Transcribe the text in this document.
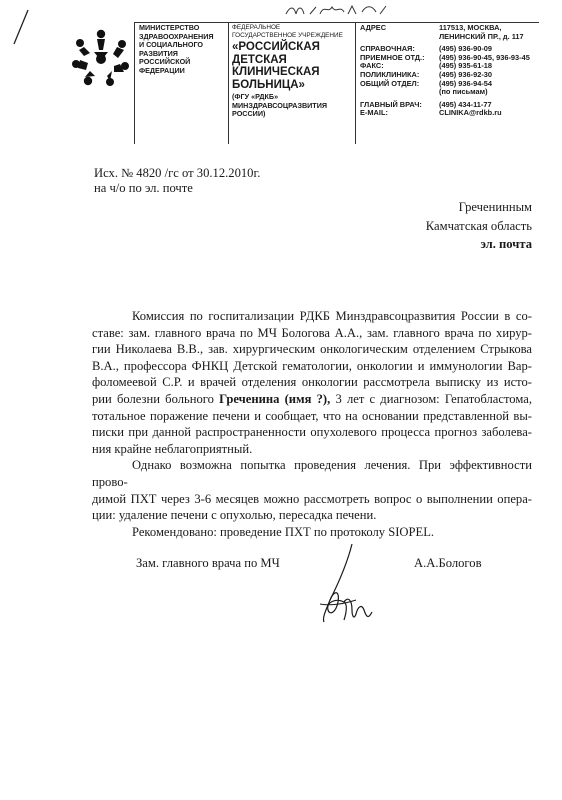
МИНИСТЕРСТВО
ЗДРАВООХРАНЕНИЯ
И СОЦИАЛЬНОГО
РАЗВИТИЯ
РОССИЙСКОЙ
ФЕДЕРАЦИИ
ФЕДЕРАЛЬНОЕ
ГОСУДАРСТВЕННОЕ УЧРЕЖДЕНИЕ
«РОССИЙСКАЯ
ДЕТСКАЯ
КЛИНИЧЕСКАЯ
БОЛЬНИЦА»
(ФГУ «РДКБ»
МИНЗДРАВСОЦРАЗВИТИЯ
РОССИИ)
АДРЕС	117513, МОСКВА,
ЛЕНИНСКИЙ ПР., д. 117
СПРАВОЧНАЯ:	(495) 936-90-09
ПРИЕМНОЕ ОТД.:	(495) 936-90-45, 936-93-45
ФАКС:	(495) 935-61-18
ПОЛИКЛИНИКА:	(495) 936-92-30
ОБЩИЙ ОТДЕЛ:	(495) 936-94-54
(по письмам)
ГЛАВНЫЙ ВРАЧ:	(495) 434-11-77
E-MAIL:	CLINIKA@rdkb.ru
Исх. № 4820 /гс от 30.12.2010г.
на ч/о по эл. почте
Греченинным
Камчатская область
эл. почта
Комиссия по госпитализации РДКБ Минздравсоцразвития России в со-
ставе: зам. главного врача по МЧ Бологова А.А., зам. главного врача по хирур-
гии Николаева В.В., зав. хирургическим онкологическим отделением Стрыкова
В.А., профессора ФНКЦ Детской гематологии, онкологии и иммунологии Вар-
фоломеевой С.Р. и врачей отделения онкологии рассмотрела выписку из исто-
рии болезни больного Греченина (имя ?), 3 лет с диагнозом: Гепатобластома,
тотальное поражение печени и сообщает, что на основании представленной вы-
писки при данной распространенности опухолевого процесса прогноз заболева-
ния крайне неблагоприятный.
Однако возможна попытка проведения лечения. При эффективности прово-
димой ПХТ через 3-6 месяцев можно рассмотреть вопрос о выполнении опера-
ции: удаление печени с опухолью, пересадка печени.
Рекомендовано: проведение ПХТ по протоколу SIOPEL.
Зам. главного врача по МЧ	А.А.Бологов
